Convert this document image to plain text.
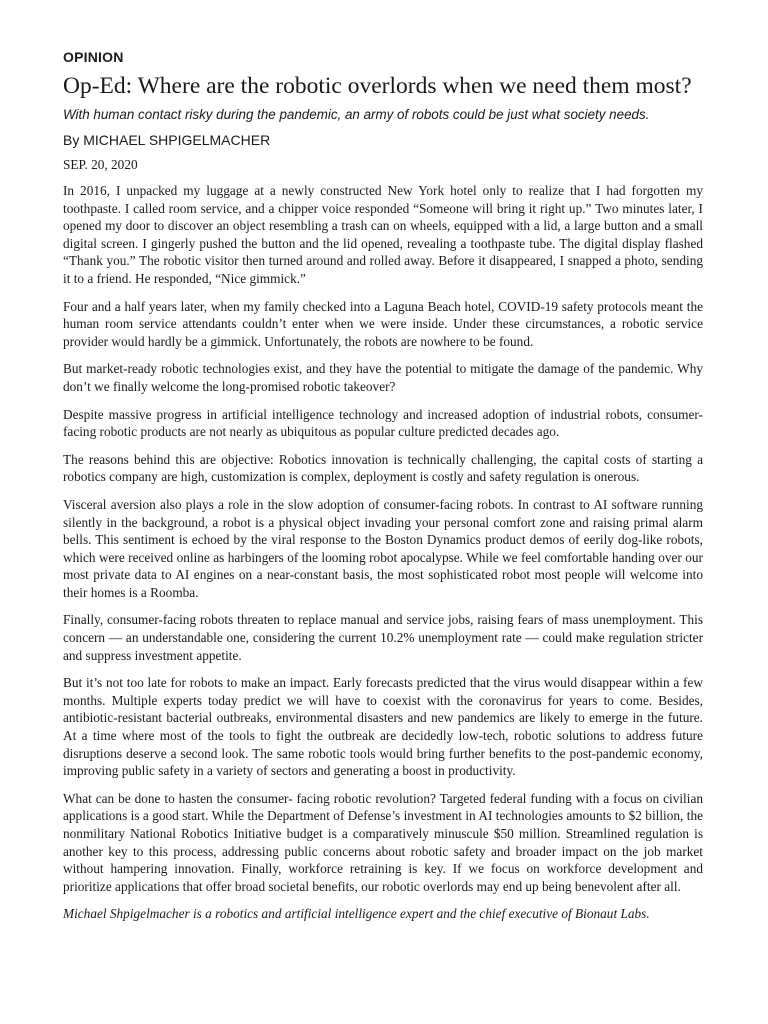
OPINION
Op-Ed: Where are the robotic overlords when we need them most?
With human contact risky during the pandemic, an army of robots could be just what society needs.
By MICHAEL SHPIGELMACHER
SEP. 20, 2020

In 2016, I unpacked my luggage at a newly constructed New York hotel only to realize that I had forgotten my toothpaste. I called room service, and a chipper voice responded “Someone will bring it right up.” Two minutes later, I opened my door to discover an object resembling a trash can on wheels, equipped with a lid, a large button and a small digital screen. I gingerly pushed the button and the lid opened, revealing a toothpaste tube. The digital display flashed “Thank you.” The robotic visitor then turned around and rolled away. Before it disappeared, I snapped a photo, sending it to a friend. He responded, “Nice gimmick.”

Four and a half years later, when my family checked into a Laguna Beach hotel, COVID-19 safety protocols meant the human room service attendants couldn’t enter when we were inside. Under these circumstances, a robotic service provider would hardly be a gimmick. Unfortunately, the robots are nowhere to be found.

But market-ready robotic technologies exist, and they have the potential to mitigate the damage of the pandemic. Why don’t we finally welcome the long-promised robotic takeover?

Despite massive progress in artificial intelligence technology and increased adoption of industrial robots, consumer-facing robotic products are not nearly as ubiquitous as popular culture predicted decades ago.

The reasons behind this are objective: Robotics innovation is technically challenging, the capital costs of starting a robotics company are high, customization is complex, deployment is costly and safety regulation is onerous.

Visceral aversion also plays a role in the slow adoption of consumer-facing robots. In contrast to AI software running silently in the background, a robot is a physical object invading your personal comfort zone and raising primal alarm bells. This sentiment is echoed by the viral response to the Boston Dynamics product demos of eerily dog-like robots, which were received online as harbingers of the looming robot apocalypse. While we feel comfortable handing over our most private data to AI engines on a near-constant basis, the most sophisticated robot most people will welcome into their homes is a Roomba.

Finally, consumer-facing robots threaten to replace manual and service jobs, raising fears of mass unemployment. This concern — an understandable one, considering the current 10.2% unemployment rate — could make regulation stricter and suppress investment appetite.

But it’s not too late for robots to make an impact. Early forecasts predicted that the virus would disappear within a few months. Multiple experts today predict we will have to coexist with the coronavirus for years to come. Besides, antibiotic-resistant bacterial outbreaks, environmental disasters and new pandemics are likely to emerge in the future. At a time where most of the tools to fight the outbreak are decidedly low-tech, robotic solutions to address future disruptions deserve a second look. The same robotic tools would bring further benefits to the post-pandemic economy, improving public safety in a variety of sectors and generating a boost in productivity.

What can be done to hasten the consumer- facing robotic revolution? Targeted federal funding with a focus on civilian applications is a good start. While the Department of Defense’s investment in AI technologies amounts to $2 billion, the nonmilitary National Robotics Initiative budget is a comparatively minuscule $50 million. Streamlined regulation is another key to this process, addressing public concerns about robotic safety and broader impact on the job market without hampering innovation. Finally, workforce retraining is key. If we focus on workforce development and prioritize applications that offer broad societal benefits, our robotic overlords may end up being benevolent after all.

Michael Shpigelmacher is a robotics and artificial intelligence expert and the chief executive of Bionaut Labs.
